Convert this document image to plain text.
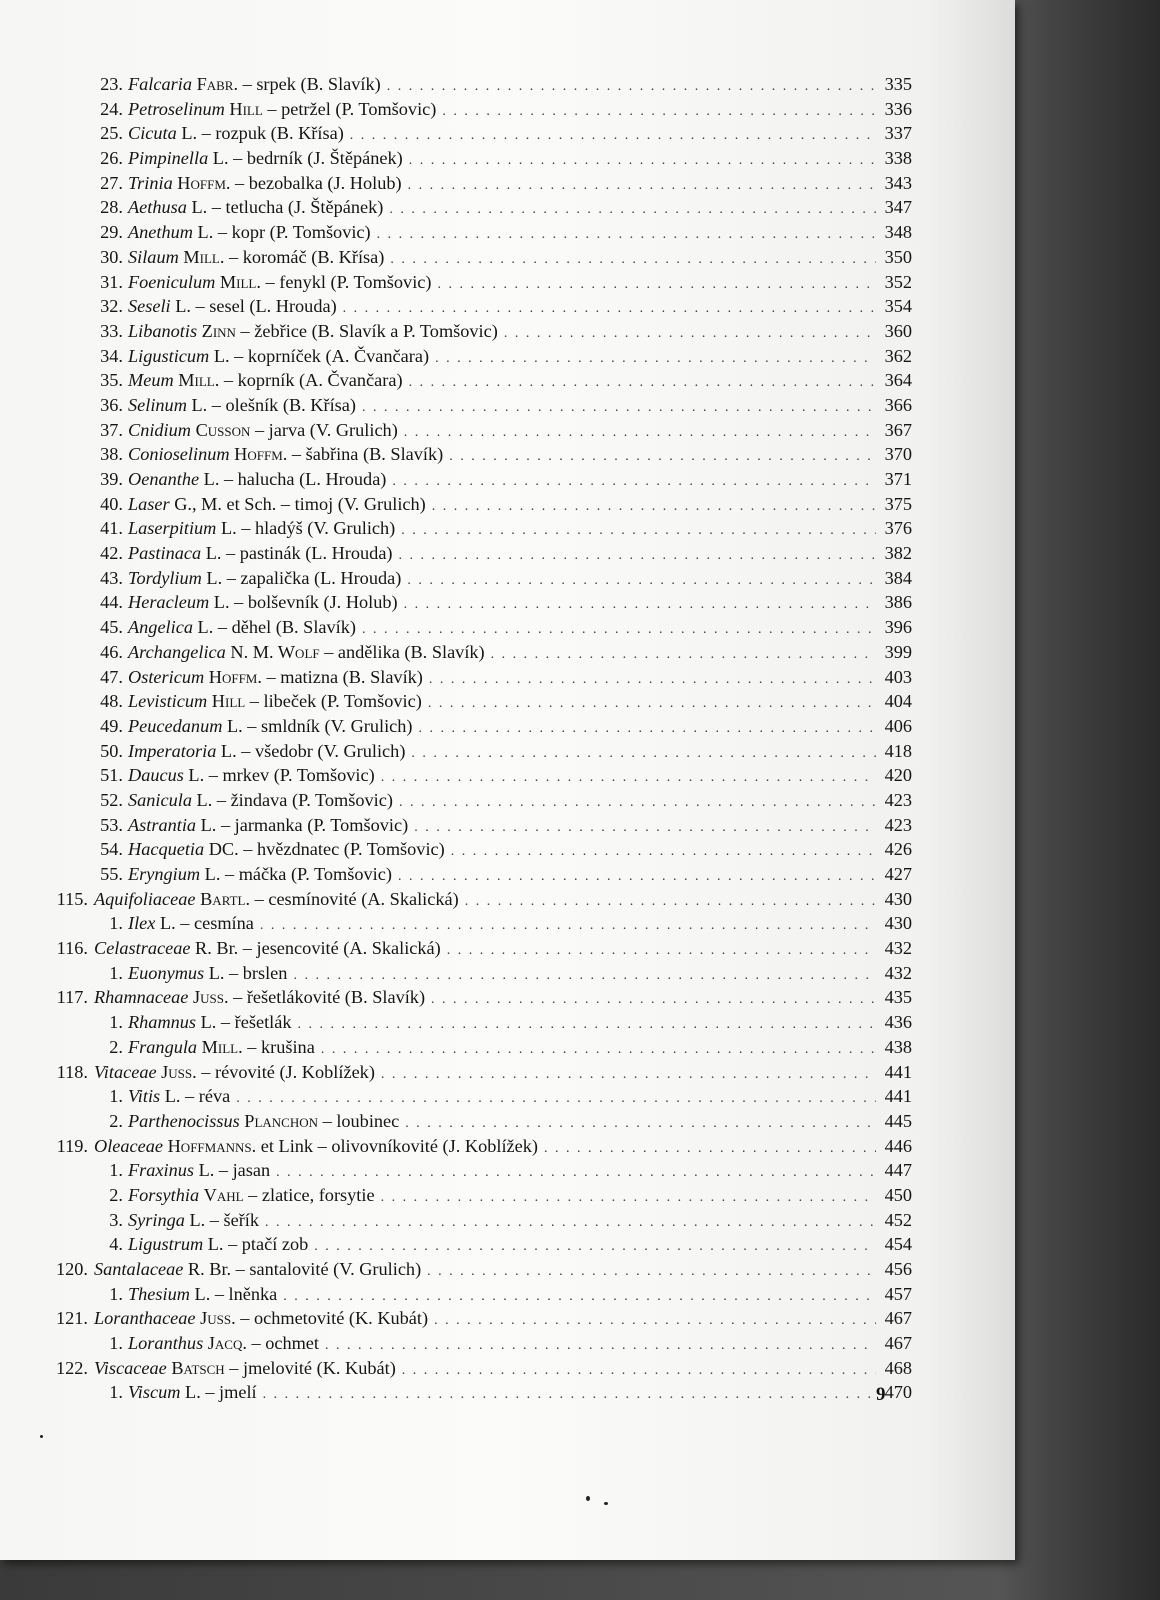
23. Falcaria Fabr. – srpek (B. Slavík) . . .	335
24. Petroselinum Hill – petržel (P. Tomšovic) . . .	336
25. Cicuta L. – rozpuk (B. Křísa) . . .	337
26. Pimpinella L. – bedrník (J. Štěpánek) . . .	338
27. Trinia Hoffm. – bezobalka (J. Holub) . . .	343
28. Aethusa L. – tetlucha (J. Štěpánek) . . .	347
29. Anethum L. – kopr (P. Tomšovic) . . .	348
30. Silaum Mill. – koromáč (B. Křísa) . . .	350
31. Foeniculum Mill. – fenykl (P. Tomšovic) . . .	352
32. Seseli L. – sesel (L. Hrouda) . . .	354
33. Libanotis Zinn – žebřice (B. Slavík a P. Tomšovic) . . .	360
34. Ligusticum L. – koprníček (A. Čvančara) . . .	362
35. Meum Mill. – koprník (A. Čvančara) . . .	364
36. Selinum L. – olešník (B. Křísa) . . .	366
37. Cnidium Cusson – jarva (V. Grulich) . . .	367
38. Conioselinum Hoffm. – šabřina (B. Slavík) . . .	370
39. Oenanthe L. – halucha (L. Hrouda) . . .	371
40. Laser G., M. et Sch. – timoj (V. Grulich) . . .	375
41. Laserpitium L. – hladýš (V. Grulich) . . .	376
42. Pastinaca L. – pastinák (L. Hrouda) . . .	382
43. Tordylium L. – zapalička (L. Hrouda) . . .	384
44. Heracleum L. – bolševník (J. Holub) . . .	386
45. Angelica L. – děhel (B. Slavík) . . .	396
46. Archangelica N. M. Wolf – andělika (B. Slavík) . . .	399
47. Ostericum Hoffm. – matizna (B. Slavík) . . .	403
48. Levisticum Hill – libeček (P. Tomšovic) . . .	404
49. Peucedanum L. – smldník (V. Grulich) . . .	406
50. Imperatoria L. – všedobr (V. Grulich) . . .	418
51. Daucus L. – mrkev (P. Tomšovic) . . .	420
52. Sanicula L. – žindava (P. Tomšovic) . . .	423
53. Astrantia L. – jarmanka (P. Tomšovic) . . .	423
54. Hacquetia DC. – hvězdnatec (P. Tomšovic) . . .	426
55. Eryngium L. – máčka (P. Tomšovic) . . .	427
115. Aquifoliaceae Bartl. – cesmínovité (A. Skalická) . . .	430
1. Ilex L. – cesmína . . .	430
116. Celastraceae R. Br. – jesencovité (A. Skalická) . . .	432
1. Euonymus L. – brslen . . .	432
117. Rhamnaceae Juss. – řešetlákovité (B. Slavík) . . .	435
1. Rhamnus L. – řešetlák . . .	436
2. Frangula Mill. – krušina . . .	438
118. Vitaceae Juss. – révovité (J. Koblížek) . . .	441
1. Vitis L. – réva . . .	441
2. Parthenocissus Planchon – loubinec . . .	445
119. Oleaceae Hoffmanns. et Link – olivovníkovité (J. Koblížek) . . .	446
1. Fraxinus L. – jasan . . .	447
2. Forsythia Vahl – zlatice, forsytie . . .	450
3. Syringa L. – šeřík . . .	452
4. Ligustrum L. – ptačí zob . . .	454
120. Santalaceae R. Br. – santalovité (V. Grulich) . . .	456
1. Thesium L. – lněnka . . .	457
121. Loranthaceae Juss. – ochmetovité (K. Kubát) . . .	467
1. Loranthus Jacq. – ochmet . . .	467
122. Viscaceae Batsch – jmelovité (K. Kubát) . . .	468
1. Viscum L. – jmelí . . .	470
9
